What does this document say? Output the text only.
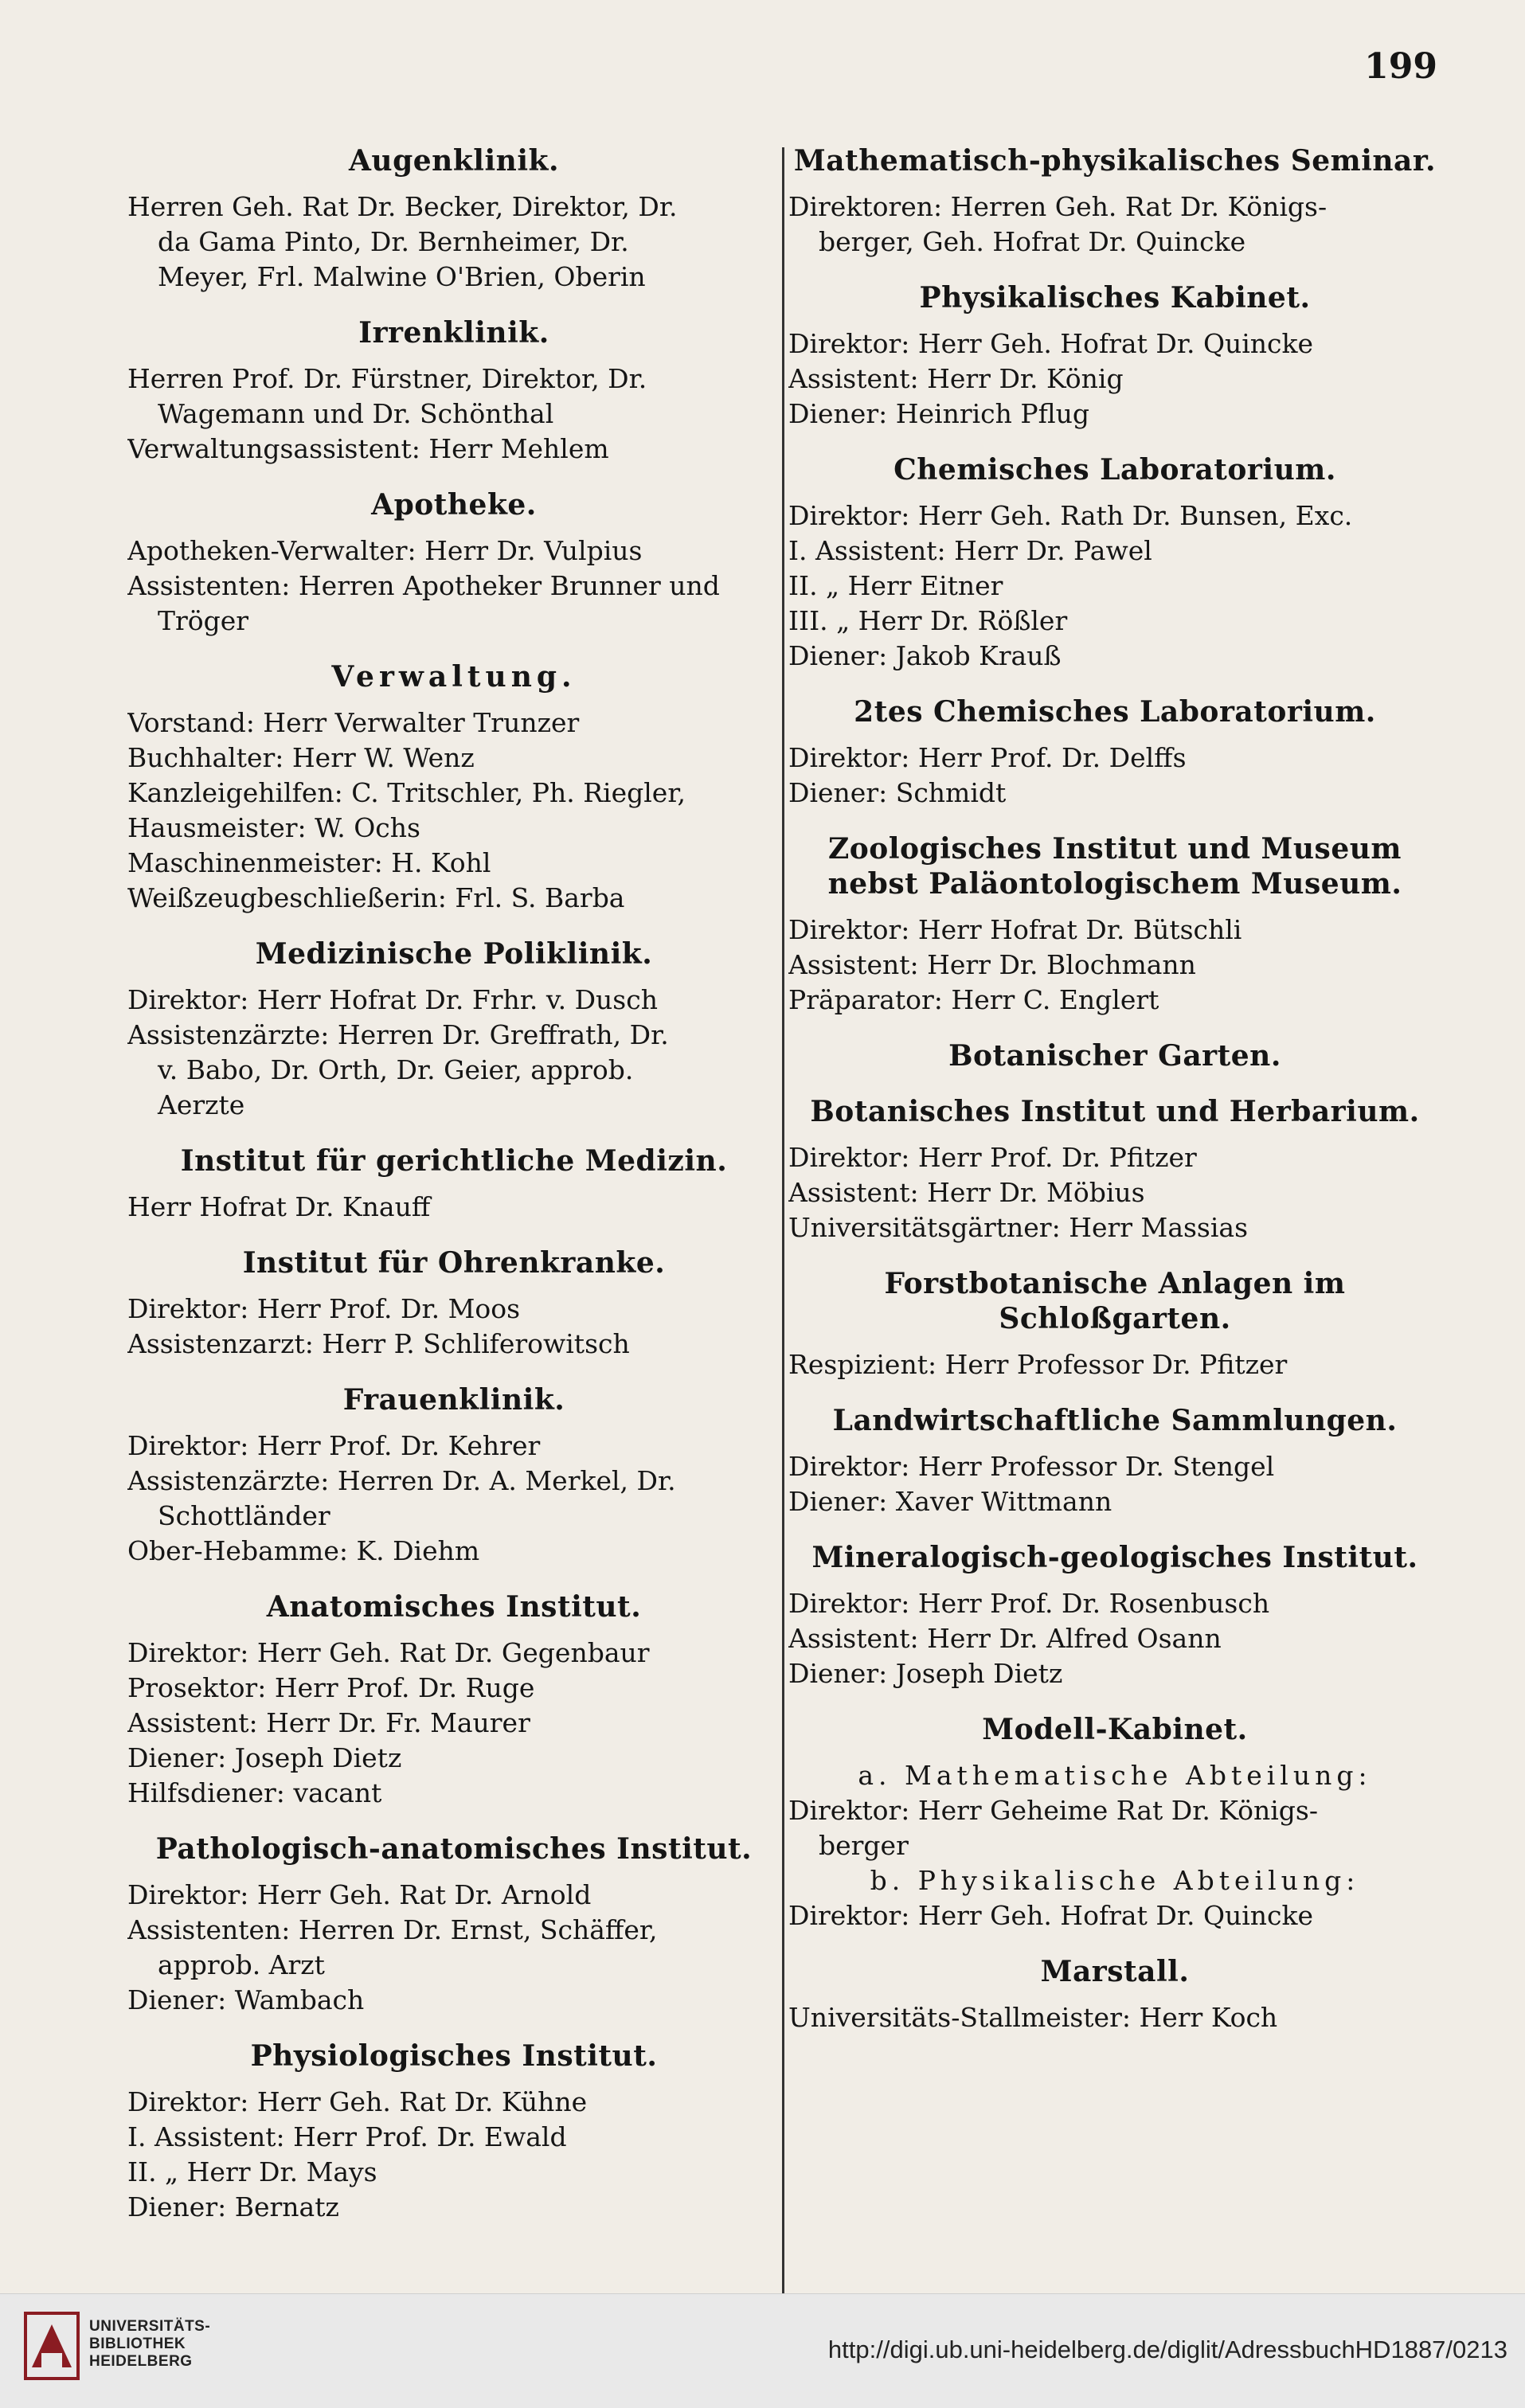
199
Augenklinik.
Herren Geh. Rat Dr. Becker, Direktor, Dr.
da Gama Pinto, Dr. Bernheimer, Dr.
Meyer, Frl. Malwine O'Brien, Oberin
Irrenklinik.
Herren Prof. Dr. Fürstner, Direktor, Dr.
Wagemann und Dr. Schönthal
Verwaltungsassistent: Herr Mehlem
Apotheke.
Apotheken-Verwalter: Herr Dr. Vulpius
Assistenten: Herren Apotheker Brunner und
Tröger
Verwaltung.
Vorstand: Herr Verwalter Trunzer
Buchhalter: Herr W. Wenz
Kanzleigehilfen: C. Tritschler, Ph. Riegler,
Hausmeister: W. Ochs
Maschinenmeister: H. Kohl
Weißzeugbeschließerin: Frl. S. Barba
Medizinische Poliklinik.
Direktor: Herr Hofrat Dr. Frhr. v. Dusch
Assistenzärzte: Herren Dr. Greffrath, Dr.
v. Babo, Dr. Orth, Dr. Geier, approb.
Aerzte
Institut für gerichtliche Medizin.
Herr Hofrat Dr. Knauff
Institut für Ohrenkranke.
Direktor: Herr Prof. Dr. Moos
Assistenzarzt: Herr P. Schliferowitsch
Frauenklinik.
Direktor: Herr Prof. Dr. Kehrer
Assistenzärzte: Herren Dr. A. Merkel, Dr.
Schottländer
Ober-Hebamme: K. Diehm
Anatomisches Institut.
Direktor: Herr Geh. Rat Dr. Gegenbaur
Prosektor: Herr Prof. Dr. Ruge
Assistent: Herr Dr. Fr. Maurer
Diener: Joseph Dietz
Hilfsdiener: vacant
Pathologisch-anatomisches Institut.
Direktor: Herr Geh. Rat Dr. Arnold
Assistenten: Herren Dr. Ernst, Schäffer,
approb. Arzt
Diener: Wambach
Physiologisches Institut.
Direktor: Herr Geh. Rat Dr. Kühne
I. Assistent: Herr Prof. Dr. Ewald
II. „ Herr Dr. Mays
Diener: Bernatz
Mathematisch-physikalisches Seminar.
Direktoren: Herren Geh. Rat Dr. Königs-
berger, Geh. Hofrat Dr. Quincke
Physikalisches Kabinet.
Direktor: Herr Geh. Hofrat Dr. Quincke
Assistent: Herr Dr. König
Diener: Heinrich Pflug
Chemisches Laboratorium.
Direktor: Herr Geh. Rath Dr. Bunsen, Exc.
I. Assistent: Herr Dr. Pawel
II. „ Herr Eitner
III. „ Herr Dr. Rößler
Diener: Jakob Krauß
2tes Chemisches Laboratorium.
Direktor: Herr Prof. Dr. Delffs
Diener: Schmidt
Zoologisches Institut und Museum nebst Paläontologischem Museum.
Direktor: Herr Hofrat Dr. Bütschli
Assistent: Herr Dr. Blochmann
Präparator: Herr C. Englert
Botanischer Garten.
Botanisches Institut und Herbarium.
Direktor: Herr Prof. Dr. Pfitzer
Assistent: Herr Dr. Möbius
Universitätsgärtner: Herr Massias
Forstbotanische Anlagen im Schloßgarten.
Respizient: Herr Professor Dr. Pfitzer
Landwirtschaftliche Sammlungen.
Direktor: Herr Professor Dr. Stengel
Diener: Xaver Wittmann
Mineralogisch-geologisches Institut.
Direktor: Herr Prof. Dr. Rosenbusch
Assistent: Herr Dr. Alfred Osann
Diener: Joseph Dietz
Modell-Kabinet.
a. Mathematische Abteilung:
Direktor: Herr Geheime Rat Dr. Königs-
berger
b. Physikalische Abteilung:
Direktor: Herr Geh. Hofrat Dr. Quincke
Marstall.
Universitäts-Stallmeister: Herr Koch
UNIVERSITÄTS-
BIBLIOTHEK
HEIDELBERG	http://digi.ub.uni-heidelberg.de/diglit/AdressbuchHD1887/0213
